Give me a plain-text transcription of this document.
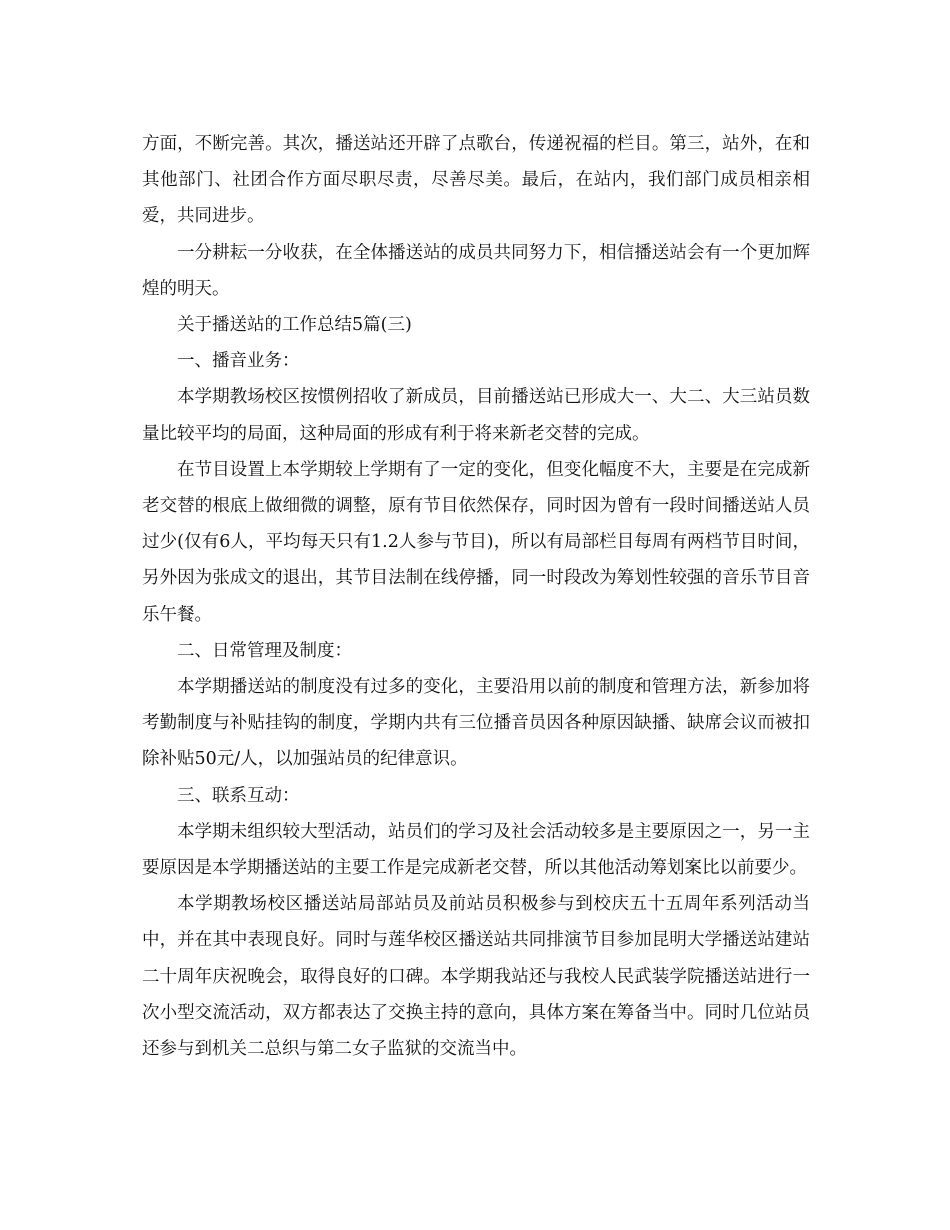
方面，不断完善。其次，播送站还开辟了点歌台，传递祝福的栏目。第三，站外，在和其他部门、社团合作方面尽职尽责，尽善尽美。最后，在站内，我们部门成员相亲相爱，共同进步。

一分耕耘一分收获，在全体播送站的成员共同努力下，相信播送站会有一个更加辉煌的明天。

关于播送站的工作总结5篇(三)

一、播音业务：

本学期教场校区按惯例招收了新成员，目前播送站已形成大一、大二、大三站员数量比较平均的局面，这种局面的形成有利于将来新老交替的完成。

在节目设置上本学期较上学期有了一定的变化，但变化幅度不大，主要是在完成新老交替的根底上做细微的调整，原有节目依然保存，同时因为曾有一段时间播送站人员过少(仅有6人，平均每天只有1.2人参与节目)，所以有局部栏目每周有两档节目时间，另外因为张成文的退出，其节目法制在线停播，同一时段改为筹划性较强的音乐节目音乐午餐。

二、日常管理及制度：

本学期播送站的制度没有过多的变化，主要沿用以前的制度和管理方法，新参加将考勤制度与补贴挂钩的制度，学期内共有三位播音员因各种原因缺播、缺席会议而被扣除补贴50元/人，以加强站员的纪律意识。

三、联系互动：

本学期未组织较大型活动，站员们的学习及社会活动较多是主要原因之一，另一主要原因是本学期播送站的主要工作是完成新老交替，所以其他活动筹划案比以前要少。

本学期教场校区播送站局部站员及前站员积极参与到校庆五十五周年系列活动当中，并在其中表现良好。同时与莲华校区播送站共同排演节目参加昆明大学播送站建站二十周年庆祝晚会，取得良好的口碑。本学期我站还与我校人民武装学院播送站进行一次小型交流活动，双方都表达了交换主持的意向，具体方案在筹备当中。同时几位站员还参与到机关二总织与第二女子监狱的交流当中。
